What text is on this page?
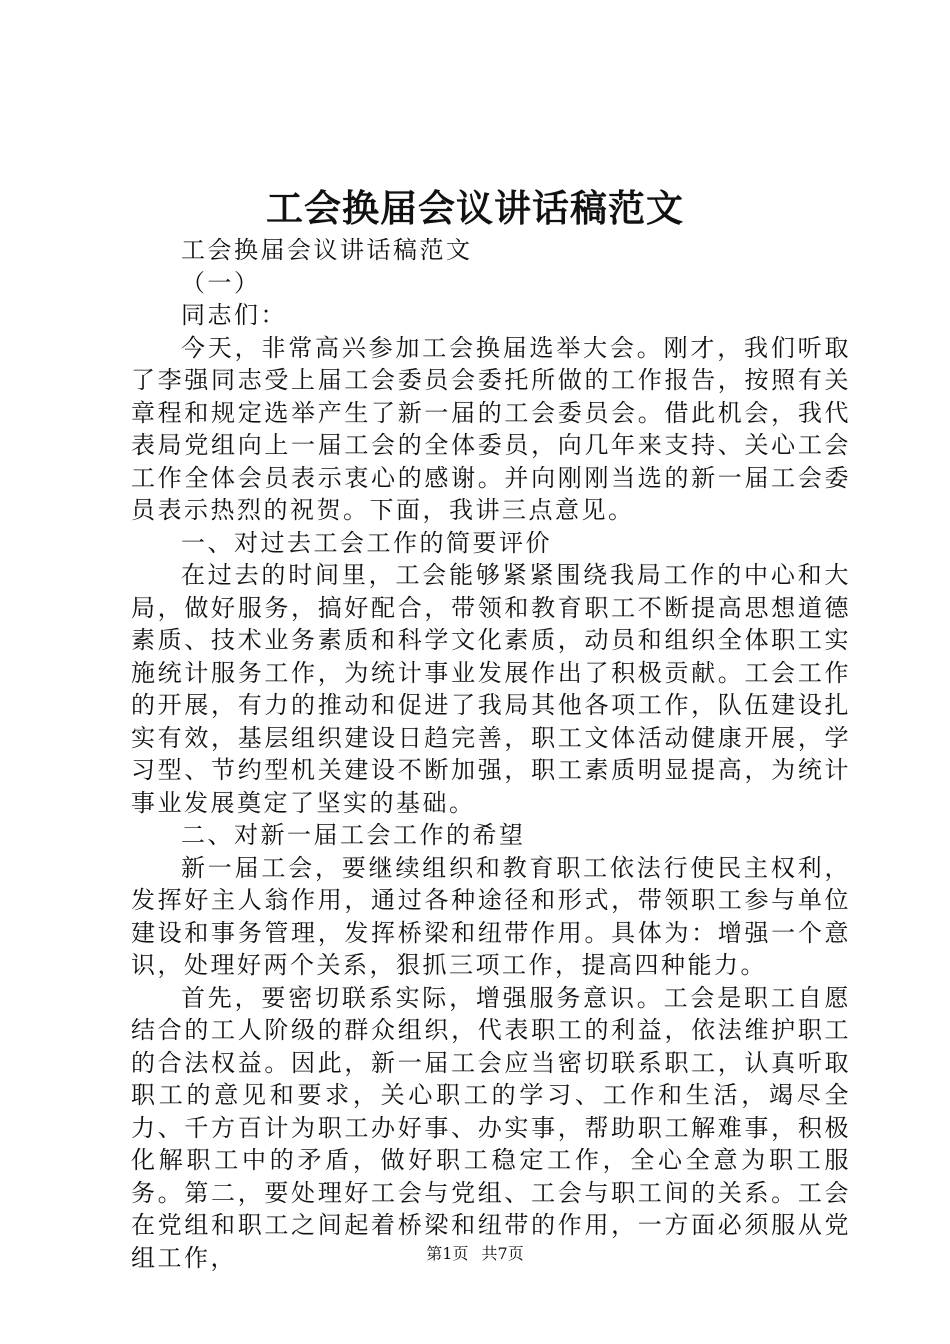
工会换届会议讲话稿范文

工会换届会议讲话稿范文

（一）

同志们：

今天，非常高兴参加工会换届选举大会。刚才，我们听取了李强同志受上届工会委员会委托所做的工作报告，按照有关章程和规定选举产生了新一届的工会委员会。借此机会，我代表局党组向上一届工会的全体委员，向几年来支持、关心工会工作全体会员表示衷心的感谢。并向刚刚当选的新一届工会委员表示热烈的祝贺。下面，我讲三点意见。

一、对过去工会工作的简要评价

在过去的时间里，工会能够紧紧围绕我局工作的中心和大局，做好服务，搞好配合，带领和教育职工不断提高思想道德素质、技术业务素质和科学文化素质，动员和组织全体职工实施统计服务工作，为统计事业发展作出了积极贡献。工会工作的开展，有力的推动和促进了我局其他各项工作，队伍建设扎实有效，基层组织建设日趋完善，职工文体活动健康开展，学习型、节约型机关建设不断加强，职工素质明显提高，为统计事业发展奠定了坚实的基础。

二、对新一届工会工作的希望

新一届工会，要继续组织和教育职工依法行使民主权利，发挥好主人翁作用，通过各种途径和形式，带领职工参与单位建设和事务管理，发挥桥梁和纽带作用。具体为：增强一个意识，处理好两个关系，狠抓三项工作，提高四种能力。

首先，要密切联系实际，增强服务意识。工会是职工自愿结合的工人阶级的群众组织，代表职工的利益，依法维护职工的合法权益。因此，新一届工会应当密切联系职工，认真听取职工的意见和要求，关心职工的学习、工作和生活，竭尽全力、千方百计为职工办好事、办实事，帮助职工解难事，积极化解职工中的矛盾，做好职工稳定工作，全心全意为职工服务。第二，要处理好工会与党组、工会与职工间的关系。工会在党组和职工之间起着桥梁和纽带的作用，一方面必须服从党组工作，	第1页 共7页
